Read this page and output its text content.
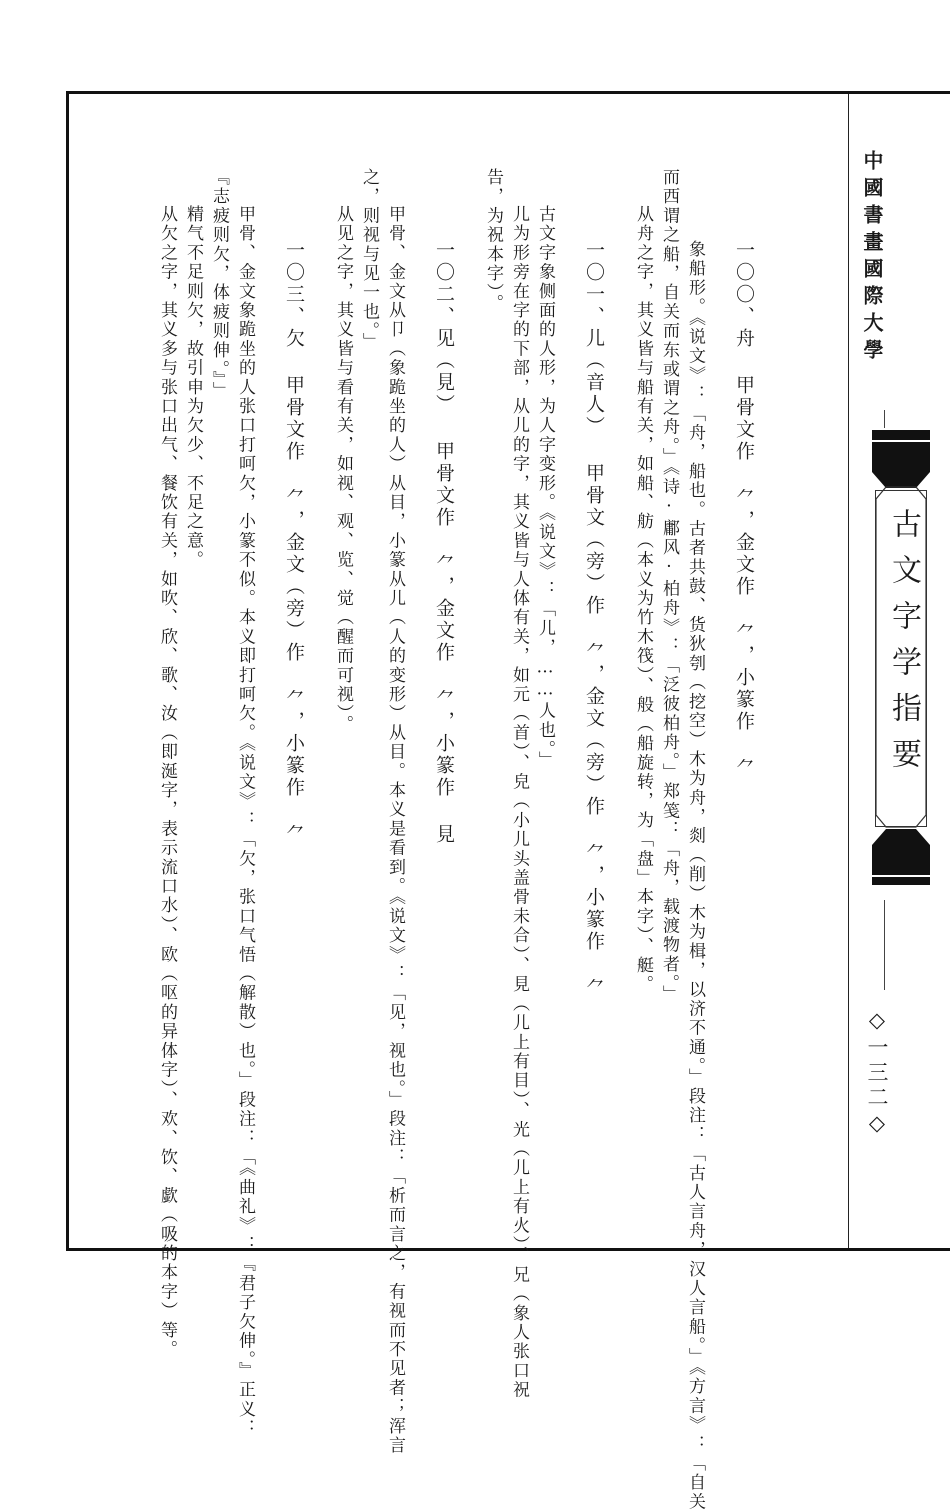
中國書畫國際大學
古文字学指要
◇一三二◇
一〇〇、舟 甲骨文作 ⺈，金文作 ⺈，小篆作 ⺈
象船形。《说文》：「舟，船也。古者共鼓、货狄刳（挖空）木为舟，剡（削）木为楫，以济不通。」段注：「古人言舟，汉人言船。」《方言》：「自关
而西谓之船，自关而东或谓之舟。」《诗·鄘风·柏舟》：「泛彼柏舟。」郑笺：「舟，载渡物者。」
从舟之字，其义皆与船有关，如船、舫（本义为竹木筏）、般（船旋转，为「盘」本字）、艇。
一〇一、儿（音人） 甲骨文（旁）作 ⺈，金文（旁）作 ⺈，小篆作 ⺈
古文字象侧面的人形，为人字变形。《说文》：「儿，……人也。」
儿为形旁在字的下部，从儿的字，其义皆与人体有关，如元（首）、皃（小儿头盖骨未合）、見（儿上有目）、光（儿上有火）、兄（象人张口祝
告，为祝本字）。
一〇二、见（見） 甲骨文作 ⺈，金文作 ⺈，小篆作 見
甲骨、金文从卩（象跪坐的人）从目，小篆从儿（人的变形）从目。本义是看到。《说文》：「见，视也。」段注：「析而言之，有视而不见者；浑言
之，则视与见一也。」
从见之字，其义皆与看有关，如视、观、览、觉（醒而可视）。
一〇三、欠 甲骨文作 ⺈，金文（旁）作 ⺈，小篆作 ⺈
甲骨、金文象跪坐的人张口打呵欠，小篆不似。本义即打呵欠。《说文》：「欠，张口气悟（解散）也。」段注：「《曲礼》：『君子欠伸。』正义：
『志疲则欠，体疲则伸。』」
精气不足则欠，故引申为欠少、不足之意。
从欠之字，其义多与张口出气、餐饮有关，如吹、欣、歌、汝（即涎字，表示流口水）、欧（呕的异体字）、欢、饮、歔（吸的本字）等。
